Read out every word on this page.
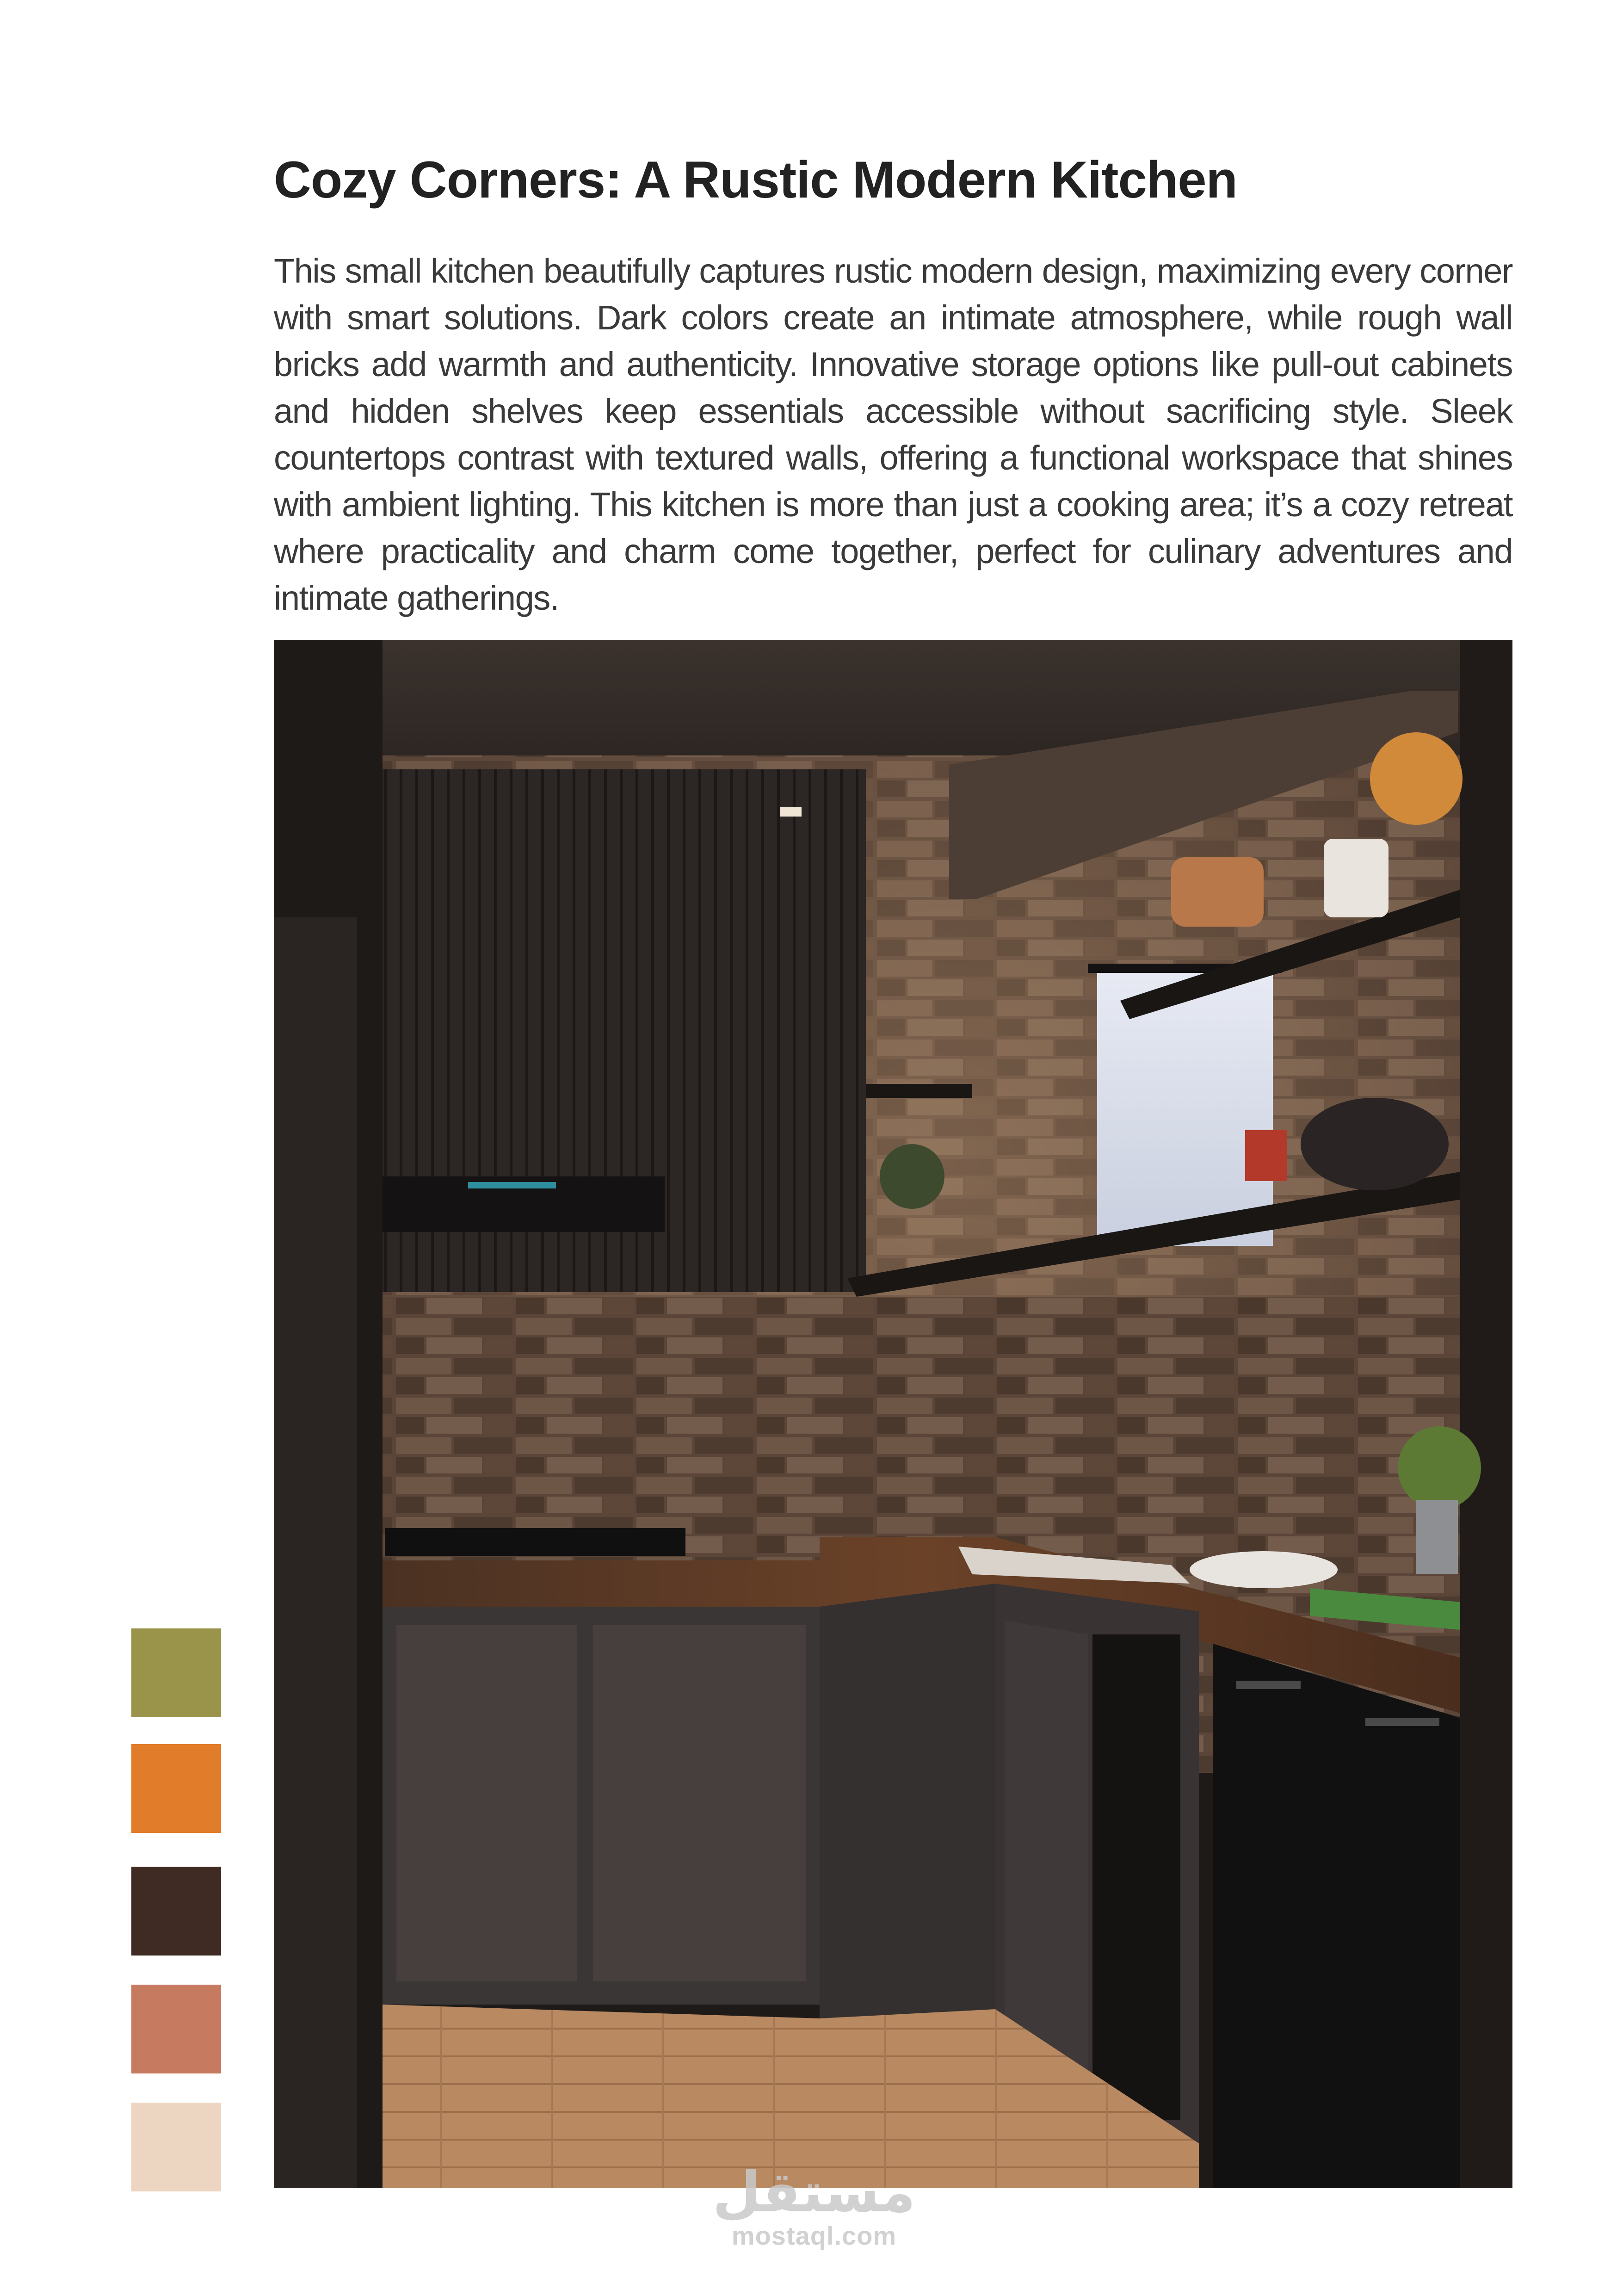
Cozy Corners: A Rustic Modern Kitchen
This small kitchen beautifully captures rustic modern design, maximizing every corner with smart solutions. Dark colors create an intimate atmosphere, while rough wall bricks add warmth and authenticity. Innovative storage options like pull-out cabinets and hidden shelves keep essentials accessible without sacrificing style. Sleek countertops contrast with textured walls, offering a functional workspace that shines with ambient lighting. This kitchen is more than just a cooking area; it’s a cozy retreat where practicality and charm come together, perfect for culinary adventures and intimate gatherings.
مستقل
mostaql.com
